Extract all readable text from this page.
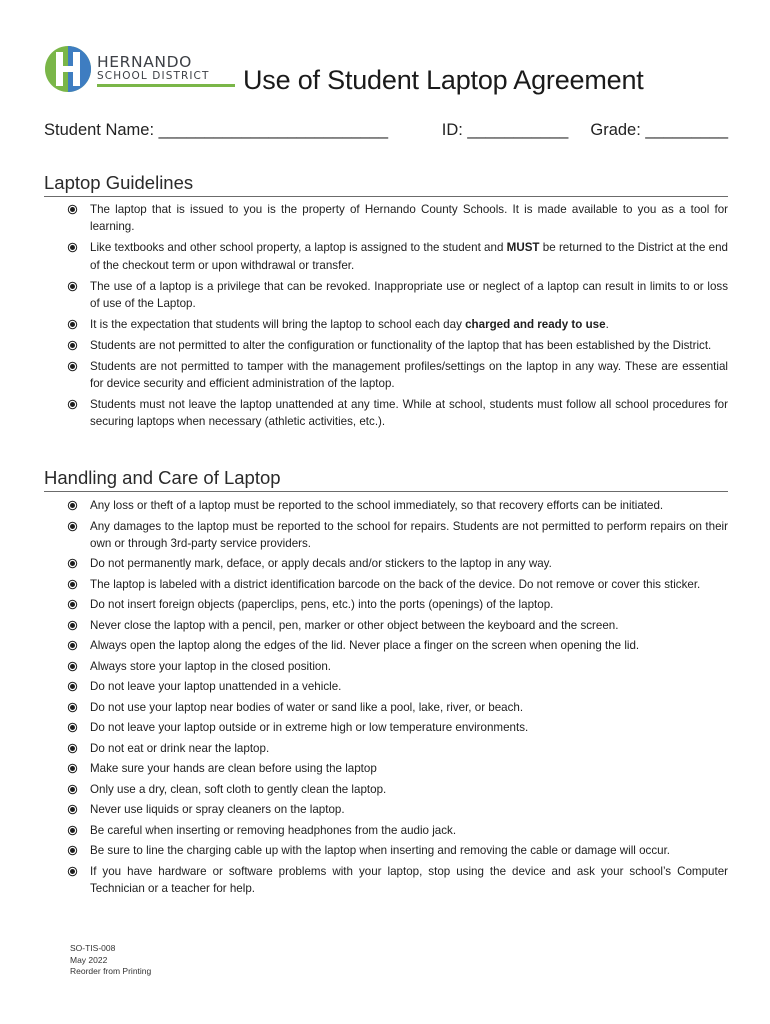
HERNANDO
SCHOOL DISTRICT Use of Student Laptop Agreement
Student Name: _________________________	ID: ___________ Grade: _________
Laptop Guidelines
The laptop that is issued to you is the property of Hernando County Schools. It is made available to you as a tool for learning.
Like textbooks and other school property, a laptop is assigned to the student and MUST be returned to the District at the end of the checkout term or upon withdrawal or transfer.
The use of a laptop is a privilege that can be revoked. Inappropriate use or neglect of a laptop can result in limits to or loss of use of the Laptop.
It is the expectation that students will bring the laptop to school each day charged and ready to use.
Students are not permitted to alter the configuration or functionality of the laptop that has been established by the District.
Students are not permitted to tamper with the management profiles/settings on the laptop in any way. These are essential for device security and efficient administration of the laptop.
Students must not leave the laptop unattended at any time. While at school, students must follow all school procedures for securing laptops when necessary (athletic activities, etc.).
Handling and Care of Laptop
Any loss or theft of a laptop must be reported to the school immediately, so that recovery efforts can be initiated.
Any damages to the laptop must be reported to the school for repairs. Students are not permitted to perform repairs on their own or through 3rd-party service providers.
Do not permanently mark, deface, or apply decals and/or stickers to the laptop in any way.
The laptop is labeled with a district identification barcode on the back of the device. Do not remove or cover this sticker.
Do not insert foreign objects (paperclips, pens, etc.) into the ports (openings) of the laptop.
Never close the laptop with a pencil, pen, marker or other object between the keyboard and the screen.
Always open the laptop along the edges of the lid. Never place a finger on the screen when opening the lid.
Always store your laptop in the closed position.
Do not leave your laptop unattended in a vehicle.
Do not use your laptop near bodies of water or sand like a pool, lake, river, or beach.
Do not leave your laptop outside or in extreme high or low temperature environments.
Do not eat or drink near the laptop.
Make sure your hands are clean before using the laptop
Only use a dry, clean, soft cloth to gently clean the laptop.
Never use liquids or spray cleaners on the laptop.
Be careful when inserting or removing headphones from the audio jack.
Be sure to line the charging cable up with the laptop when inserting and removing the cable or damage will occur.
If you have hardware or software problems with your laptop, stop using the device and ask your school’s Computer Technician or a teacher for help.
SO-TIS-008
May 2022
Reorder from Printing
